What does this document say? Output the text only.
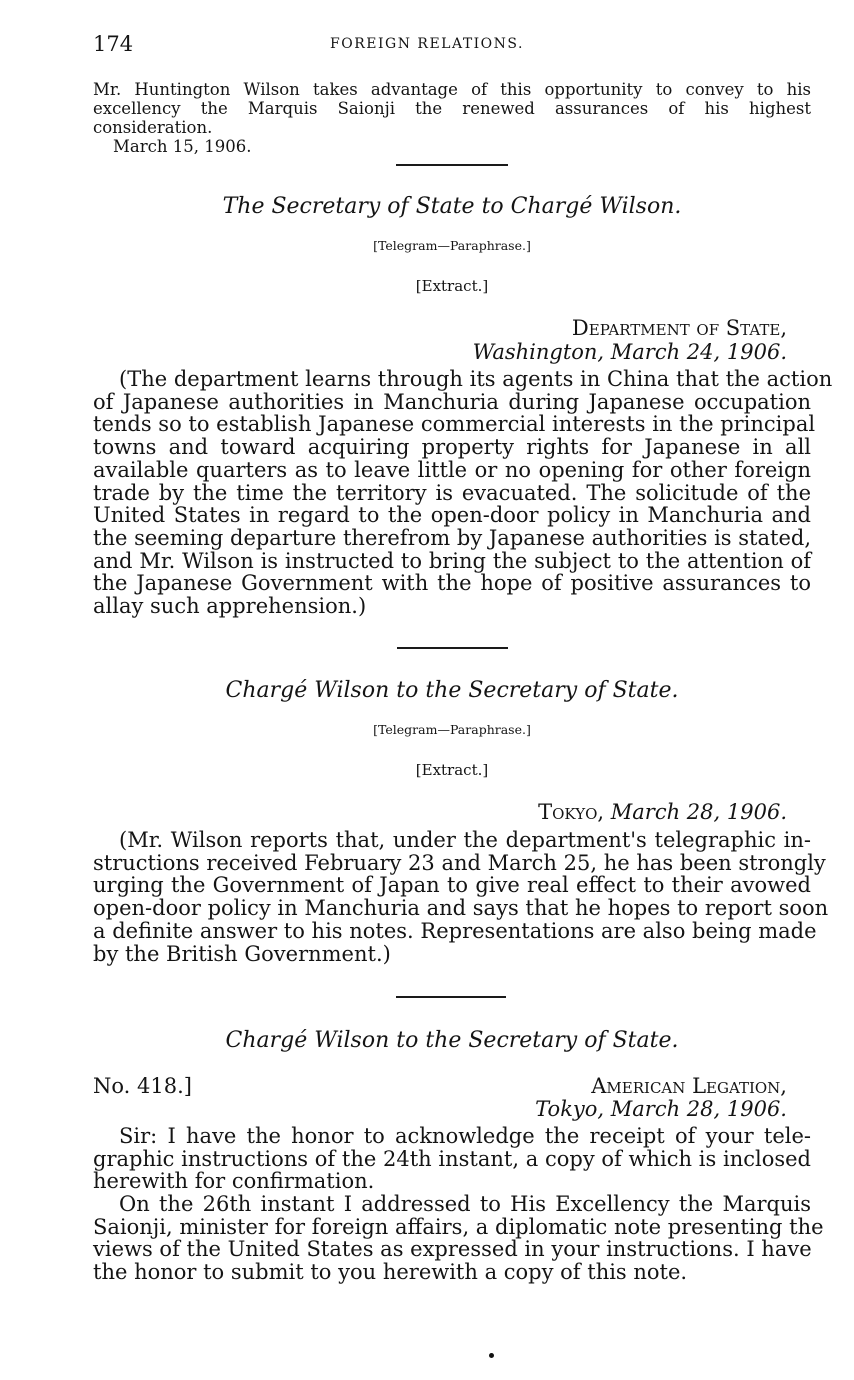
174	FOREIGN RELATIONS.
Mr. Huntington Wilson takes advantage of this opportunity to convey to his
excellency the Marquis Saionji the renewed assurances of his highest
consideration.
March 15, 1906.
The Secretary of State to Chargé Wilson.
[Telegram—Paraphrase.]
[Extract.]
Department of State,
Washington, March 24, 1906.
(The department learns through its agents in China that the action
of Japanese authorities in Manchuria during Japanese occupation
tends so to establish Japanese commercial interests in the principal
towns and toward acquiring property rights for Japanese in all
available quarters as to leave little or no opening for other foreign
trade by the time the territory is evacuated. The solicitude of the
United States in regard to the open-door policy in Manchuria and
the seeming departure therefrom by Japanese authorities is stated,
and Mr. Wilson is instructed to bring the subject to the attention of
the Japanese Government with the hope of positive assurances to
allay such apprehension.)
Chargé Wilson to the Secretary of State.
[Telegram—Paraphrase.]
[Extract.]
Tokyo, March 28, 1906.
(Mr. Wilson reports that, under the department's telegraphic in-
structions received February 23 and March 25, he has been strongly
urging the Government of Japan to give real effect to their avowed
open-door policy in Manchuria and says that he hopes to report soon
a definite answer to his notes. Representations are also being made
by the British Government.)
Chargé Wilson to the Secretary of State.
No. 418.]	American Legation,
Tokyo, March 28, 1906.
Sir: I have the honor to acknowledge the receipt of your tele-
graphic instructions of the 24th instant, a copy of which is inclosed
herewith for confirmation.
On the 26th instant I addressed to His Excellency the Marquis
Saionji, minister for foreign affairs, a diplomatic note presenting the
views of the United States as expressed in your instructions. I have
the honor to submit to you herewith a copy of this note.
